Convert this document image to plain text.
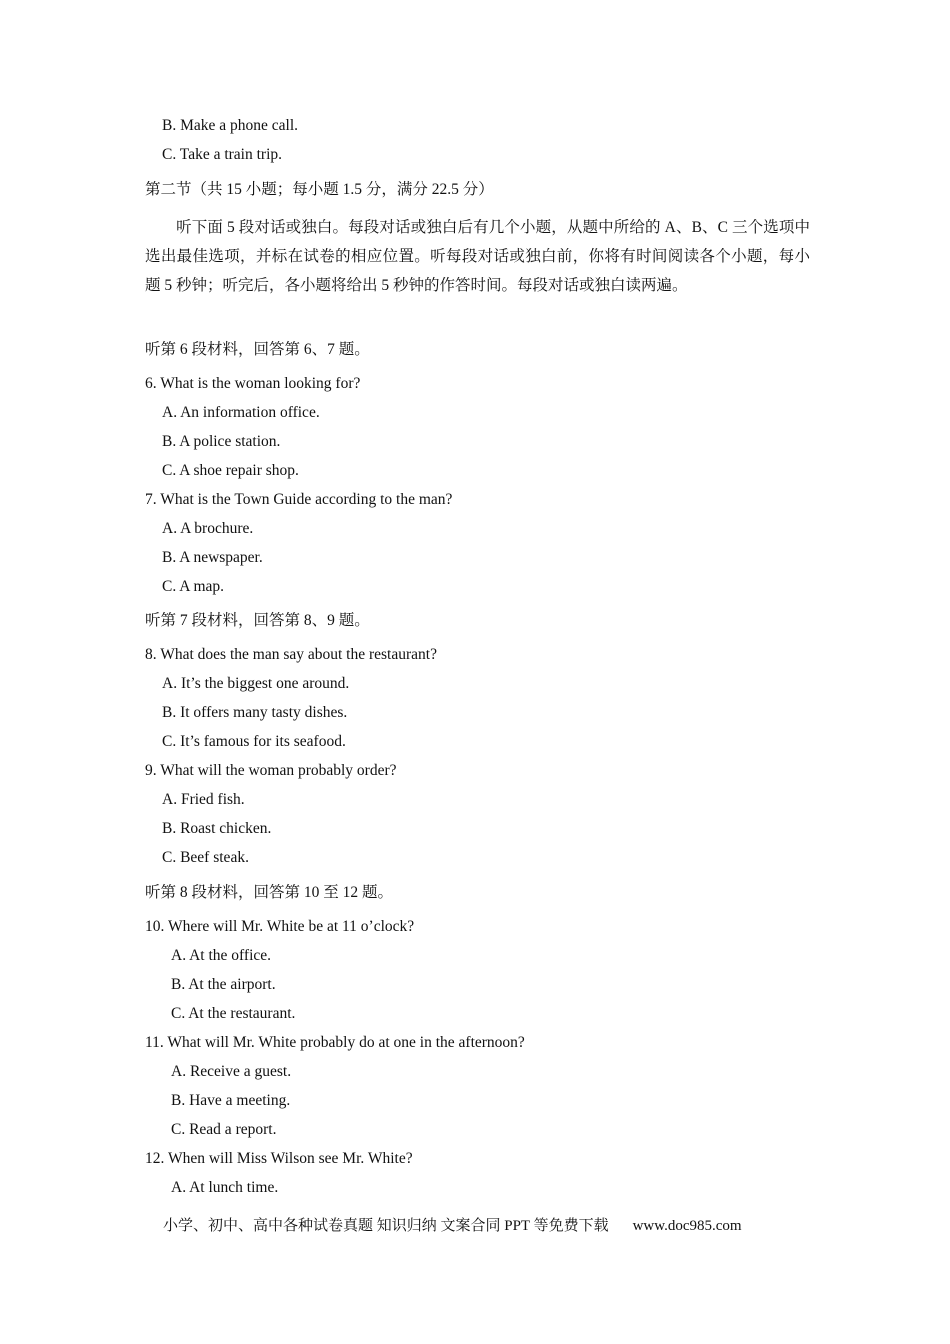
B. Make a phone call.
C. Take a train trip.
第二节（共 15 小题；每小题 1.5 分，满分 22.5 分）
听下面 5 段对话或独白。每段对话或独白后有几个小题，从题中所给的 A、B、C 三个选项中选出最佳选项，并标在试卷的相应位置。听每段对话或独白前，你将有时间阅读各个小题，每小题 5 秒钟；听完后，各小题将给出 5 秒钟的作答时间。每段对话或独白读两遍。
听第 6 段材料，回答第 6、7 题。
6. What is the woman looking for?
A. An information office.
B. A police station.
C. A shoe repair shop.
7. What is the Town Guide according to the man?
A. A brochure.
B. A newspaper.
C. A map.
听第 7 段材料，回答第 8、9 题。
8. What does the man say about the restaurant?
A. It’s the biggest one around.
B. It offers many tasty dishes.
C. It’s famous for its seafood.
9. What will the woman probably order?
A. Fried fish.
B. Roast chicken.
C. Beef steak.
听第 8 段材料，回答第 10 至 12 题。
10. Where will Mr. White be at 11 o’clock?
A. At the office.
B. At the airport.
C. At the restaurant.
11. What will Mr. White probably do at one in the afternoon?
A. Receive a guest.
B. Have a meeting.
C. Read a report.
12. When will Miss Wilson see Mr. White?
A. At lunch time.
小学、初中、高中各种试卷真题 知识归纳 文案合同 PPT 等免费下载 www.doc985.com
